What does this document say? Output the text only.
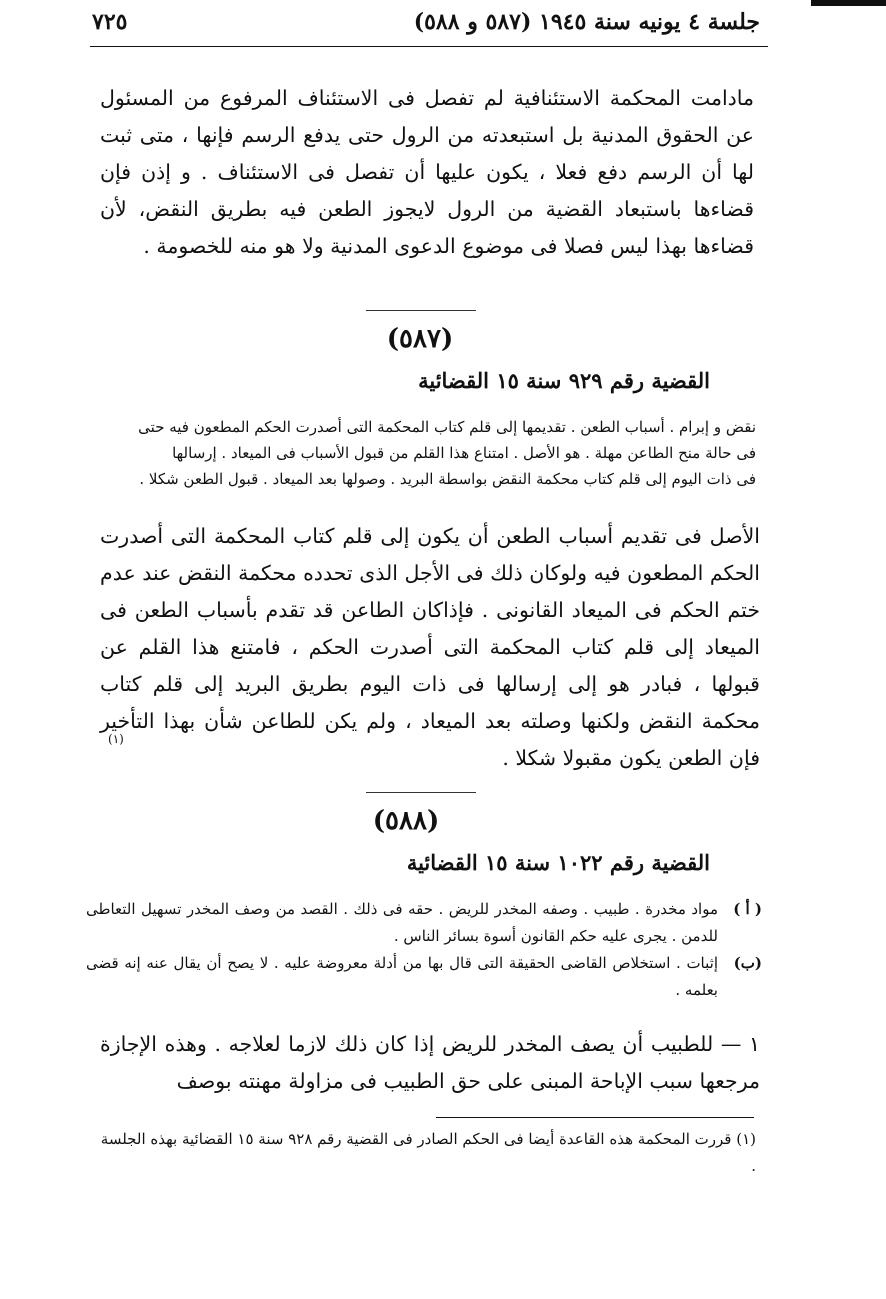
جلسة ٤ يونيه سنة ١٩٤٥ (٥٨٧ و ٥٨٨)
٧٢٥

مادامت المحكمة الاستئنافية لم تفصل فى الاستئناف المرفوع من المسئول عن الحقوق المدنية بل استبعدته من الرول حتى يدفع الرسم فإنها ، متى ثبت لها أن الرسم دفع فعلا ، يكون عليها أن تفصل فى الاستئناف . و إذن فإن قضاءها باستبعاد القضية من الرول لايجوز الطعن فيه بطريق النقض، لأن قضاءها بهذا ليس فصلا فى موضوع الدعوى المدنية ولا هو منه للخصومة .

(٥٨٧)
القضية رقم ٩٢٩ سنة ١٥ القضائية

نقض و إبرام . أسباب الطعن . تقديمها إلى قلم كتاب المحكمة التى أصدرت الحكم المطعون فيه حتى

فى حالة منح الطاعن مهلة . هو الأصل . امتناع هذا القلم من قبول الأسباب فى الميعاد . إرسالها

فى ذات اليوم إلى قلم كتاب محكمة النقض بواسطة البريد . وصولها بعد الميعاد . قبول الطعن شكلا .

الأصل فى تقديم أسباب الطعن أن يكون إلى قلم كتاب المحكمة التى أصدرت الحكم المطعون فيه ولوكان ذلك فى الأجل الذى تحدده محكمة النقض عند عدم ختم الحكم فى الميعاد القانونى . فإذاكان الطاعن قد تقدم بأسباب الطعن فى الميعاد إلى قلم كتاب المحكمة التى أصدرت الحكم ، فامتنع هذا القلم عن قبولها ، فبادر هو إلى إرسالها فى ذات اليوم بطريق البريد إلى قلم كتاب محكمة النقض ولكنها وصلته بعد الميعاد ، ولم يكن للطاعن شأن بهذا التأخير فإن الطعن يكون مقبولا شكلا .
(١)
(٥٨٨)
القضية رقم ١٠٢٢ سنة ١٥ القضائية
( أ )
مواد مخدرة . طبيب . وصفه المخدر للريض . حقه فى ذلك . القصد من وصف المخدر تسهيل التعاطى للدمن . يجرى عليه حكم القانون أسوة بسائر الناس .
(ب)
إثبات . استخلاص القاضى الحقيقة التى قال بها من أدلة معروضة عليه . لا يصح أن يقال عنه إنه قضى بعلمه .
١ — للطبيب أن يصف المخدر للريض إذا كان ذلك لازما لعلاجه . وهذه الإجازة مرجعها سبب الإباحة المبنى على حق الطبيب فى مزاولة مهنته بوصف
(١) قررت المحكمة هذه القاعدة أيضا فى الحكم الصادر فى القضية رقم ٩٢٨ سنة ١٥ القضائية بهذه الجلسة .
